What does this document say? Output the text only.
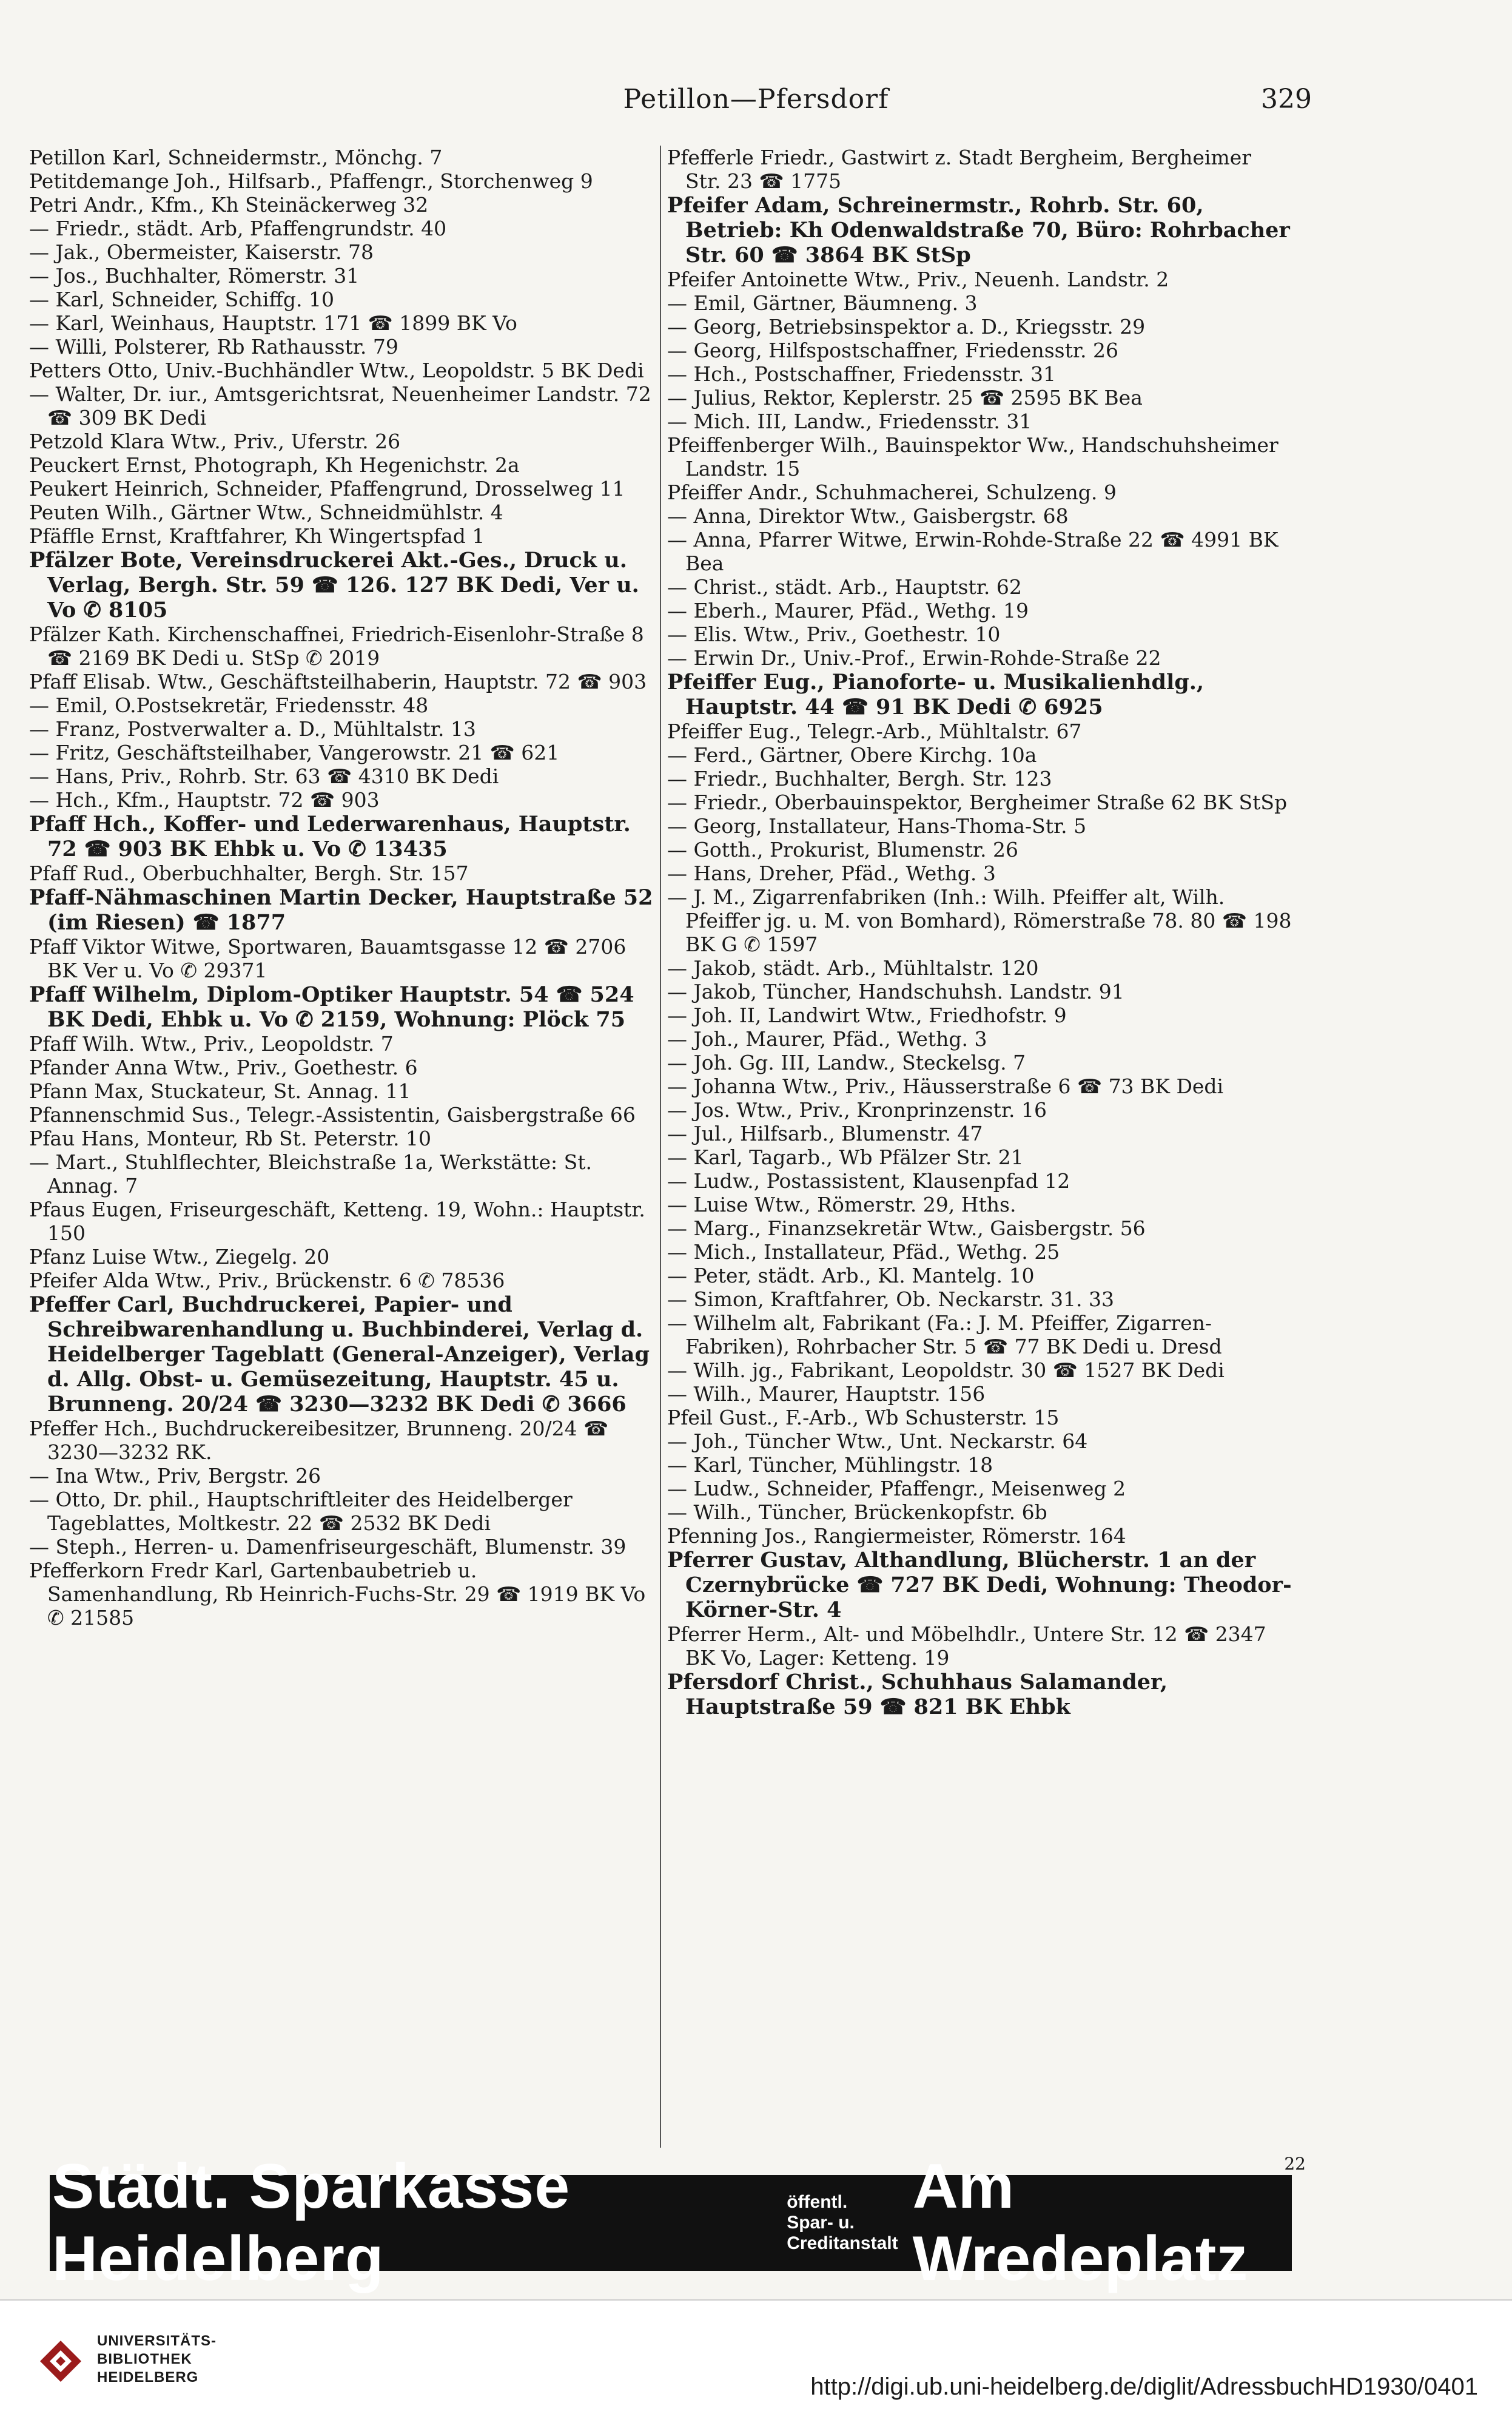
Petillon—Pfersdorf	329
Petillon Karl, Schneidermstr., Mönchg. 7
Petitdemange Joh., Hilfsarb., Pfaffengr., Storchenweg 9
Petri Andr., Kfm., Kh Steinäckerweg 32
— Friedr., städt. Arb, Pfaffengrundstr. 40
— Jak., Obermeister, Kaiserstr. 78
— Jos., Buchhalter, Römerstr. 31
— Karl, Schneider, Schiffg. 10
— Karl, Weinhaus, Hauptstr. 171 ☎ 1899 BK Vo
— Willi, Polsterer, Rb Rathausstr. 79
Petters Otto, Univ.-Buchhändler Wtw., Leopoldstr. 5 BK Dedi
— Walter, Dr. iur., Amtsgerichtsrat, Neuenheimer Landstr. 72 ☎ 309 BK Dedi
Petzold Klara Wtw., Priv., Uferstr. 26
Peuckert Ernst, Photograph, Kh Hegenichstr. 2a
Peukert Heinrich, Schneider, Pfaffengrund, Drosselweg 11
Peuten Wilh., Gärtner Wtw., Schneidmühlstr. 4
Pfäffle Ernst, Kraftfahrer, Kh Wingertspfad 1
Pfälzer Bote, Vereinsdruckerei Akt.-Ges., Druck u. Verlag, Bergh. Str. 59 ☎ 126. 127 BK Dedi, Ver u. Vo ✆ 8105
Pfälzer Kath. Kirchenschaffnei, Friedrich-Eisenlohr-Straße 8 ☎ 2169 BK Dedi u. StSp ✆ 2019
Pfaff Elisab. Wtw., Geschäftsteilhaberin, Hauptstr. 72 ☎ 903
— Emil, O.Postsekretär, Friedensstr. 48
— Franz, Postverwalter a. D., Mühltalstr. 13
— Fritz, Geschäftsteilhaber, Vangerowstr. 21 ☎ 621
— Hans, Priv., Rohrb. Str. 63 ☎ 4310 BK Dedi
— Hch., Kfm., Hauptstr. 72 ☎ 903
Pfaff Hch., Koffer- und Lederwarenhaus, Hauptstr. 72 ☎ 903 BK Ehbk u. Vo ✆ 13435
Pfaff Rud., Oberbuchhalter, Bergh. Str. 157
Pfaff-Nähmaschinen Martin Decker, Hauptstraße 52 (im Riesen) ☎ 1877
Pfaff Viktor Witwe, Sportwaren, Bauamtsgasse 12 ☎ 2706 BK Ver u. Vo ✆ 29371
Pfaff Wilhelm, Diplom-Optiker Hauptstr. 54 ☎ 524 BK Dedi, Ehbk u. Vo ✆ 2159, Wohnung: Plöck 75
Pfaff Wilh. Wtw., Priv., Leopoldstr. 7
Pfander Anna Wtw., Priv., Goethestr. 6
Pfann Max, Stuckateur, St. Annag. 11
Pfannenschmid Sus., Telegr.-Assistentin, Gaisbergstraße 66
Pfau Hans, Monteur, Rb St. Peterstr. 10
— Mart., Stuhlflechter, Bleichstraße 1a, Werkstätte: St. Annag. 7
Pfaus Eugen, Friseurgeschäft, Ketteng. 19, Wohn.: Hauptstr. 150
Pfanz Luise Wtw., Ziegelg. 20
Pfeifer Alda Wtw., Priv., Brückenstr. 6 ✆ 78536
Pfeffer Carl, Buchdruckerei, Papier- und Schreibwarenhandlung u. Buchbinderei, Verlag d. Heidelberger Tageblatt (General-Anzeiger), Verlag d. Allg. Obst- u. Gemüsezeitung, Hauptstr. 45 u. Brunneng. 20/24 ☎ 3230—3232 BK Dedi ✆ 3666
Pfeffer Hch., Buchdruckereibesitzer, Brunneng. 20/24 ☎ 3230—3232 RK.
— Ina Wtw., Priv, Bergstr. 26
— Otto, Dr. phil., Hauptschriftleiter des Heidelberger Tageblattes, Moltkestr. 22 ☎ 2532 BK Dedi
— Steph., Herren- u. Damenfriseurgeschäft, Blumenstr. 39
Pfefferkorn Fredr Karl, Gartenbaubetrieb u. Samenhandlung, Rb Heinrich-Fuchs-Str. 29 ☎ 1919 BK Vo ✆ 21585
Pfefferle Friedr., Gastwirt z. Stadt Bergheim, Bergheimer Str. 23 ☎ 1775
Pfeifer Adam, Schreinermstr., Rohrb. Str. 60, Betrieb: Kh Odenwaldstraße 70, Büro: Rohrbacher Str. 60 ☎ 3864 BK StSp
Pfeifer Antoinette Wtw., Priv., Neuenh. Landstr. 2
— Emil, Gärtner, Bäumneng. 3
— Georg, Betriebsinspektor a. D., Kriegsstr. 29
— Georg, Hilfspostschaffner, Friedensstr. 26
— Hch., Postschaffner, Friedensstr. 31
— Julius, Rektor, Keplerstr. 25 ☎ 2595 BK Bea
— Mich. III, Landw., Friedensstr. 31
Pfeiffenberger Wilh., Bauinspektor Ww., Handschuhsheimer Landstr. 15
Pfeiffer Andr., Schuhmacherei, Schulzeng. 9
— Anna, Direktor Wtw., Gaisbergstr. 68
— Anna, Pfarrer Witwe, Erwin-Rohde-Straße 22 ☎ 4991 BK Bea
— Christ., städt. Arb., Hauptstr. 62
— Eberh., Maurer, Pfäd., Wethg. 19
— Elis. Wtw., Priv., Goethestr. 10
— Erwin Dr., Univ.-Prof., Erwin-Rohde-Straße 22
Pfeiffer Eug., Pianoforte- u. Musikalienhdlg., Hauptstr. 44 ☎ 91 BK Dedi ✆ 6925
Pfeiffer Eug., Telegr.-Arb., Mühltalstr. 67
— Ferd., Gärtner, Obere Kirchg. 10a
— Friedr., Buchhalter, Bergh. Str. 123
— Friedr., Oberbauinspektor, Bergheimer Straße 62 BK StSp
— Georg, Installateur, Hans-Thoma-Str. 5
— Gotth., Prokurist, Blumenstr. 26
— Hans, Dreher, Pfäd., Wethg. 3
— J. M., Zigarrenfabriken (Inh.: Wilh. Pfeiffer alt, Wilh. Pfeiffer jg. u. M. von Bomhard), Römerstraße 78. 80 ☎ 198 BK G ✆ 1597
— Jakob, städt. Arb., Mühltalstr. 120
— Jakob, Tüncher, Handschuhsh. Landstr. 91
— Joh. II, Landwirt Wtw., Friedhofstr. 9
— Joh., Maurer, Pfäd., Wethg. 3
— Joh. Gg. III, Landw., Steckelsg. 7
— Johanna Wtw., Priv., Häusserstraße 6 ☎ 73 BK Dedi
— Jos. Wtw., Priv., Kronprinzenstr. 16
— Jul., Hilfsarb., Blumenstr. 47
— Karl, Tagarb., Wb Pfälzer Str. 21
— Ludw., Postassistent, Klausenpfad 12
— Luise Wtw., Römerstr. 29, Hths.
— Marg., Finanzsekretär Wtw., Gaisbergstr. 56
— Mich., Installateur, Pfäd., Wethg. 25
— Peter, städt. Arb., Kl. Mantelg. 10
— Simon, Kraftfahrer, Ob. Neckarstr. 31. 33
— Wilhelm alt, Fabrikant (Fa.: J. M. Pfeiffer, Zigarren-Fabriken), Rohrbacher Str. 5 ☎ 77 BK Dedi u. Dresd
— Wilh. jg., Fabrikant, Leopoldstr. 30 ☎ 1527 BK Dedi
— Wilh., Maurer, Hauptstr. 156
Pfeil Gust., F.-Arb., Wb Schusterstr. 15
— Joh., Tüncher Wtw., Unt. Neckarstr. 64
— Karl, Tüncher, Mühlingstr. 18
— Ludw., Schneider, Pfaffengr., Meisenweg 2
— Wilh., Tüncher, Brückenkopfstr. 6b
Pfenning Jos., Rangiermeister, Römerstr. 164
Pferrer Gustav, Althandlung, Blücherstr. 1 an der Czernybrücke ☎ 727 BK Dedi, Wohnung: Theodor-Körner-Str. 4
Pferrer Herm., Alt- und Möbelhdlr., Untere Str. 12 ☎ 2347 BK Vo, Lager: Ketteng. 19
Pfersdorf Christ., Schuhhaus Salamander, Hauptstraße 59 ☎ 821 BK Ehbk
22
Städt. Sparkasse Heidelberg
öffentl. Spar- u.
Creditanstalt
Am Wredeplatz
UNIVERSITÄTS-
BIBLIOTHEK
HEIDELBERG	http://digi.ub.uni-heidelberg.de/diglit/AdressbuchHD1930/0401
